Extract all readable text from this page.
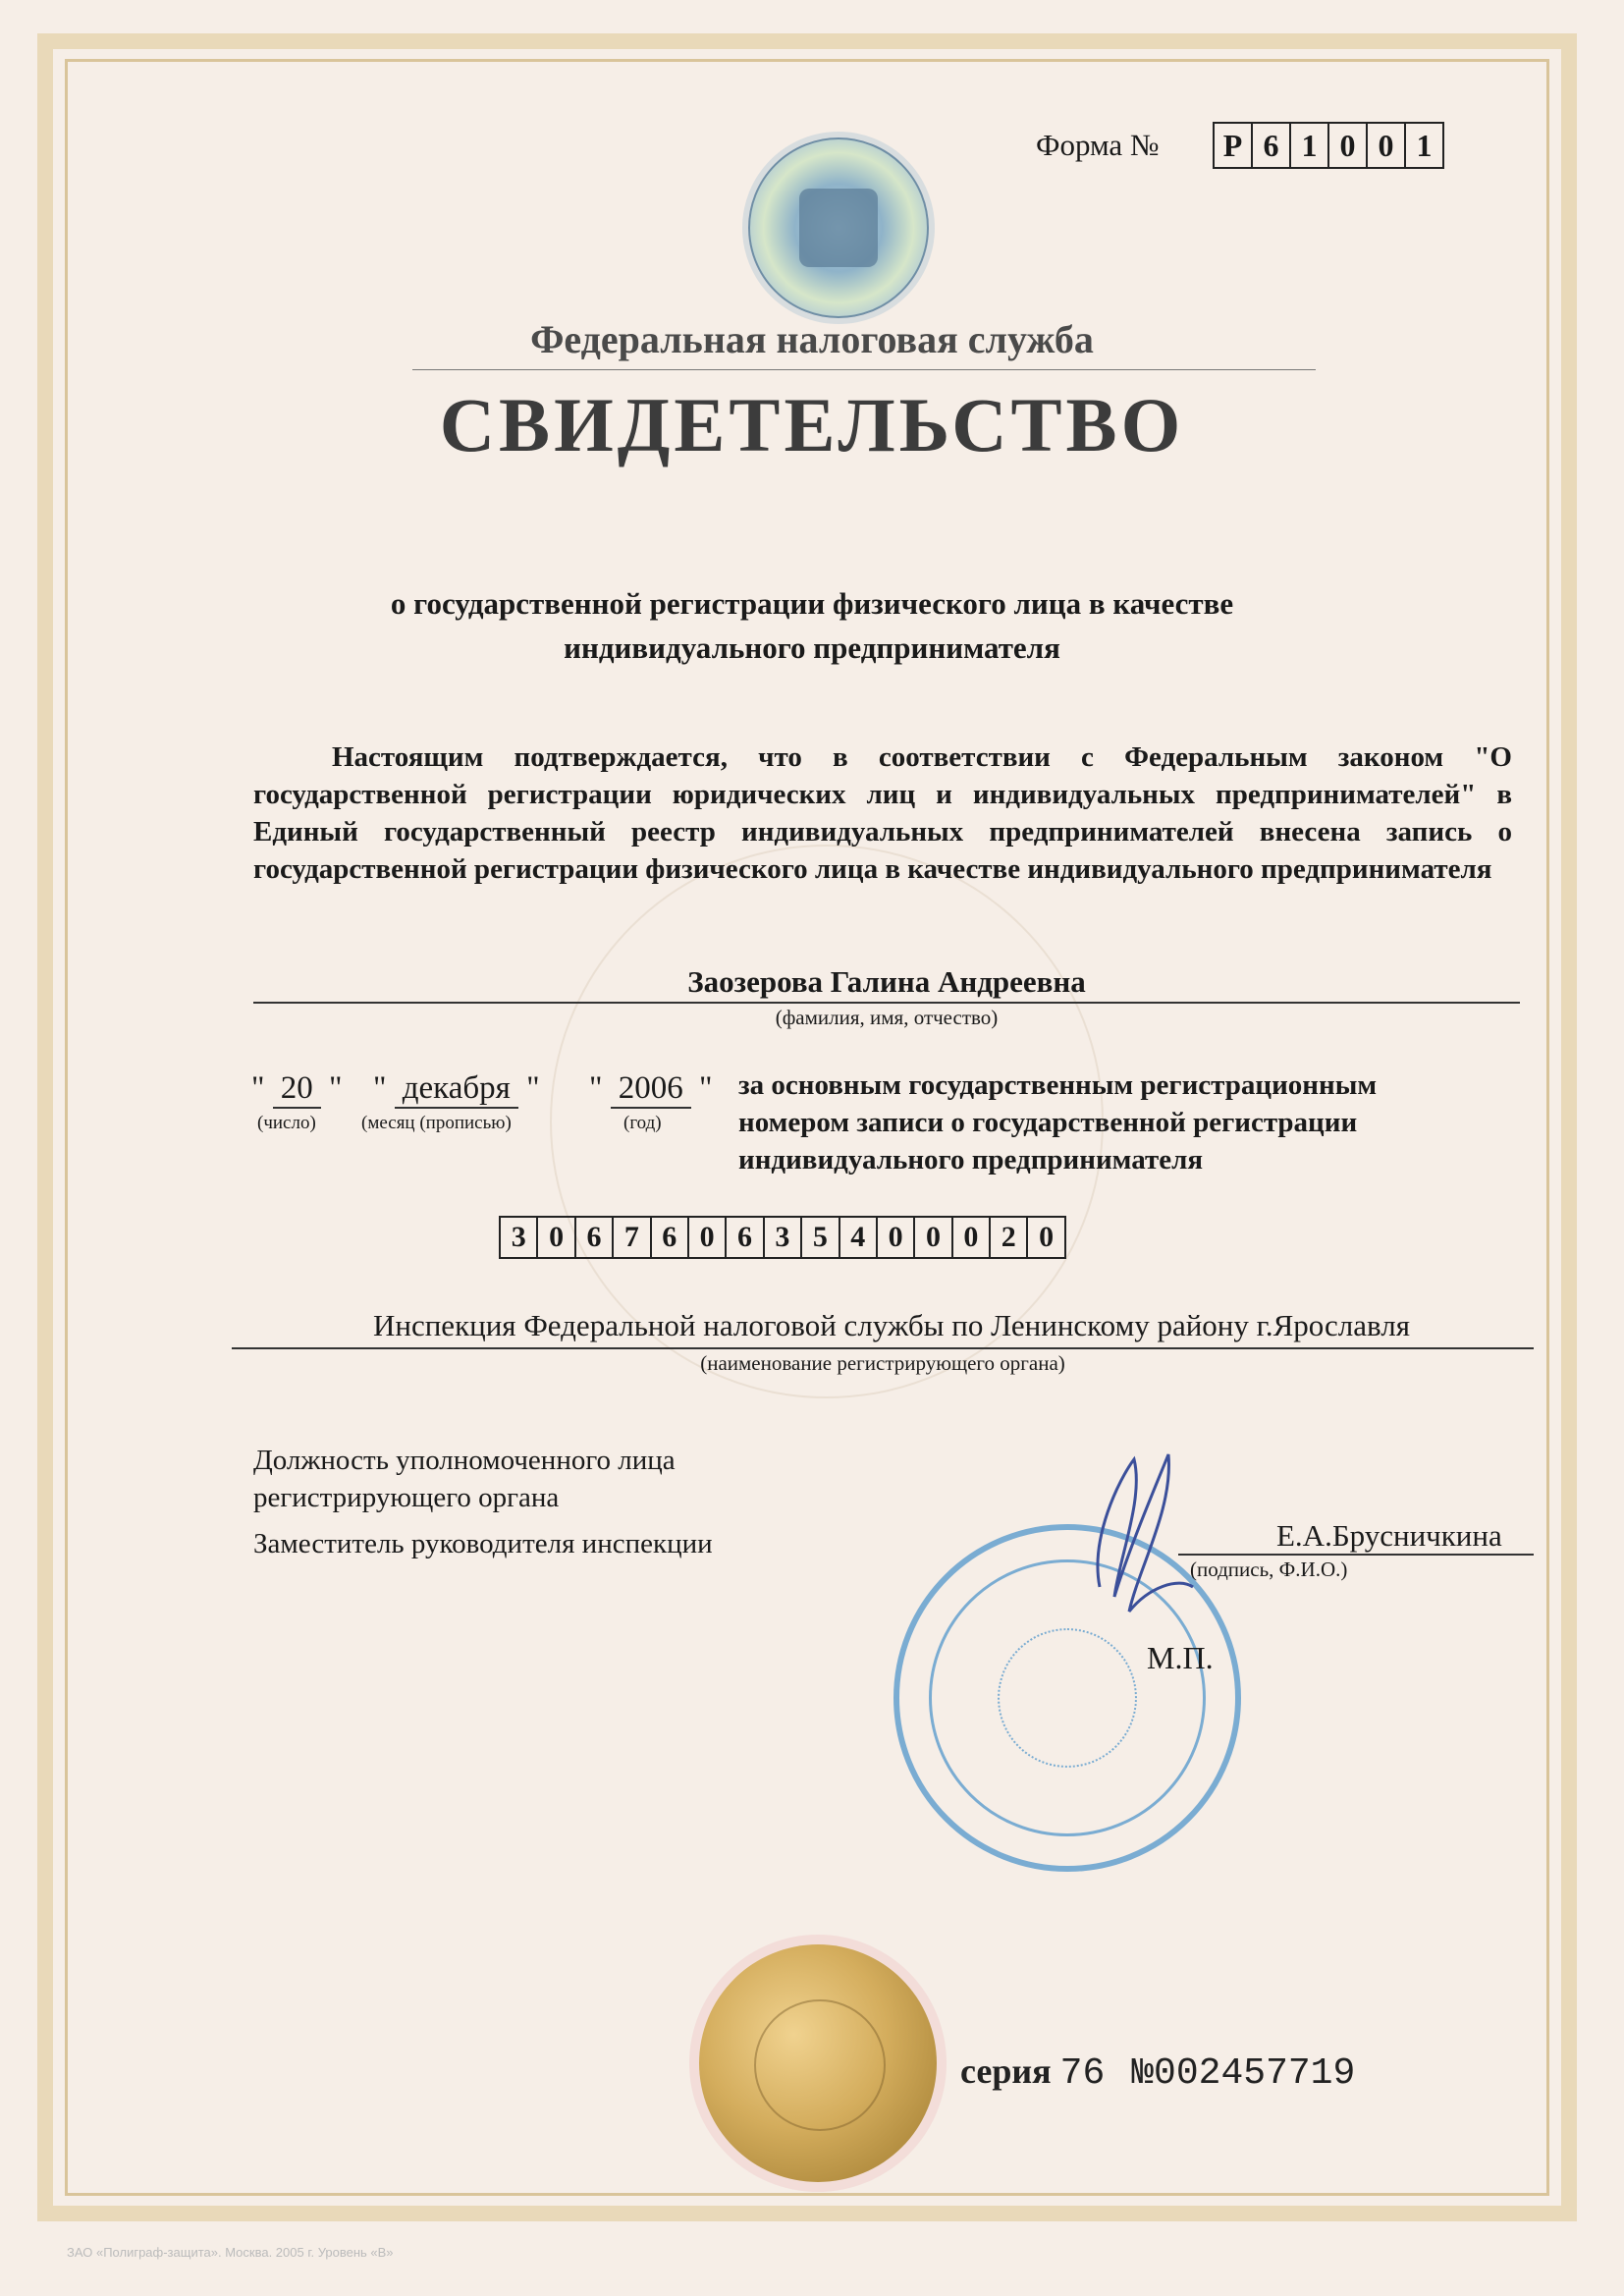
Форма № Р 6 1 0 0 1
Федеральная налоговая служба
СВИДЕТЕЛЬСТВО
о государственной регистрации физического лица в качестве
индивидуального предпринимателя
Настоящим подтверждается, что в соответствии с Федеральным законом "О государственной регистрации юридических лиц и индивидуальных предпринимателей" в Единый государственный реестр индивидуальных предпринимателей внесена запись о государственной регистрации физического лица в качестве индивидуального предпринимателя
Заозерова Галина Андреевна
(фамилия, имя, отчество)
" 20 " " декабря " " 2006 "
(число) (месяц (прописью)	(год)
за основным государственным регистрационным
номером записи о государственной регистрации
индивидуального предпринимателя
3 0 6 7 6 0 6 3 5 4 0 0 0 2 0
Инспекция Федеральной налоговой службы по Ленинскому району г.Ярославля
(наименование регистрирующего органа)
Должность уполномоченного лица
регистрирующего органа
Заместитель руководителя инспекции	Е.А.Брусничкина
(подпись, Ф.И.О.)
М.П.
серия 76 №002457719
ЗАО «Полиграф-защита». Москва. 2005 г. Уровень «В»
